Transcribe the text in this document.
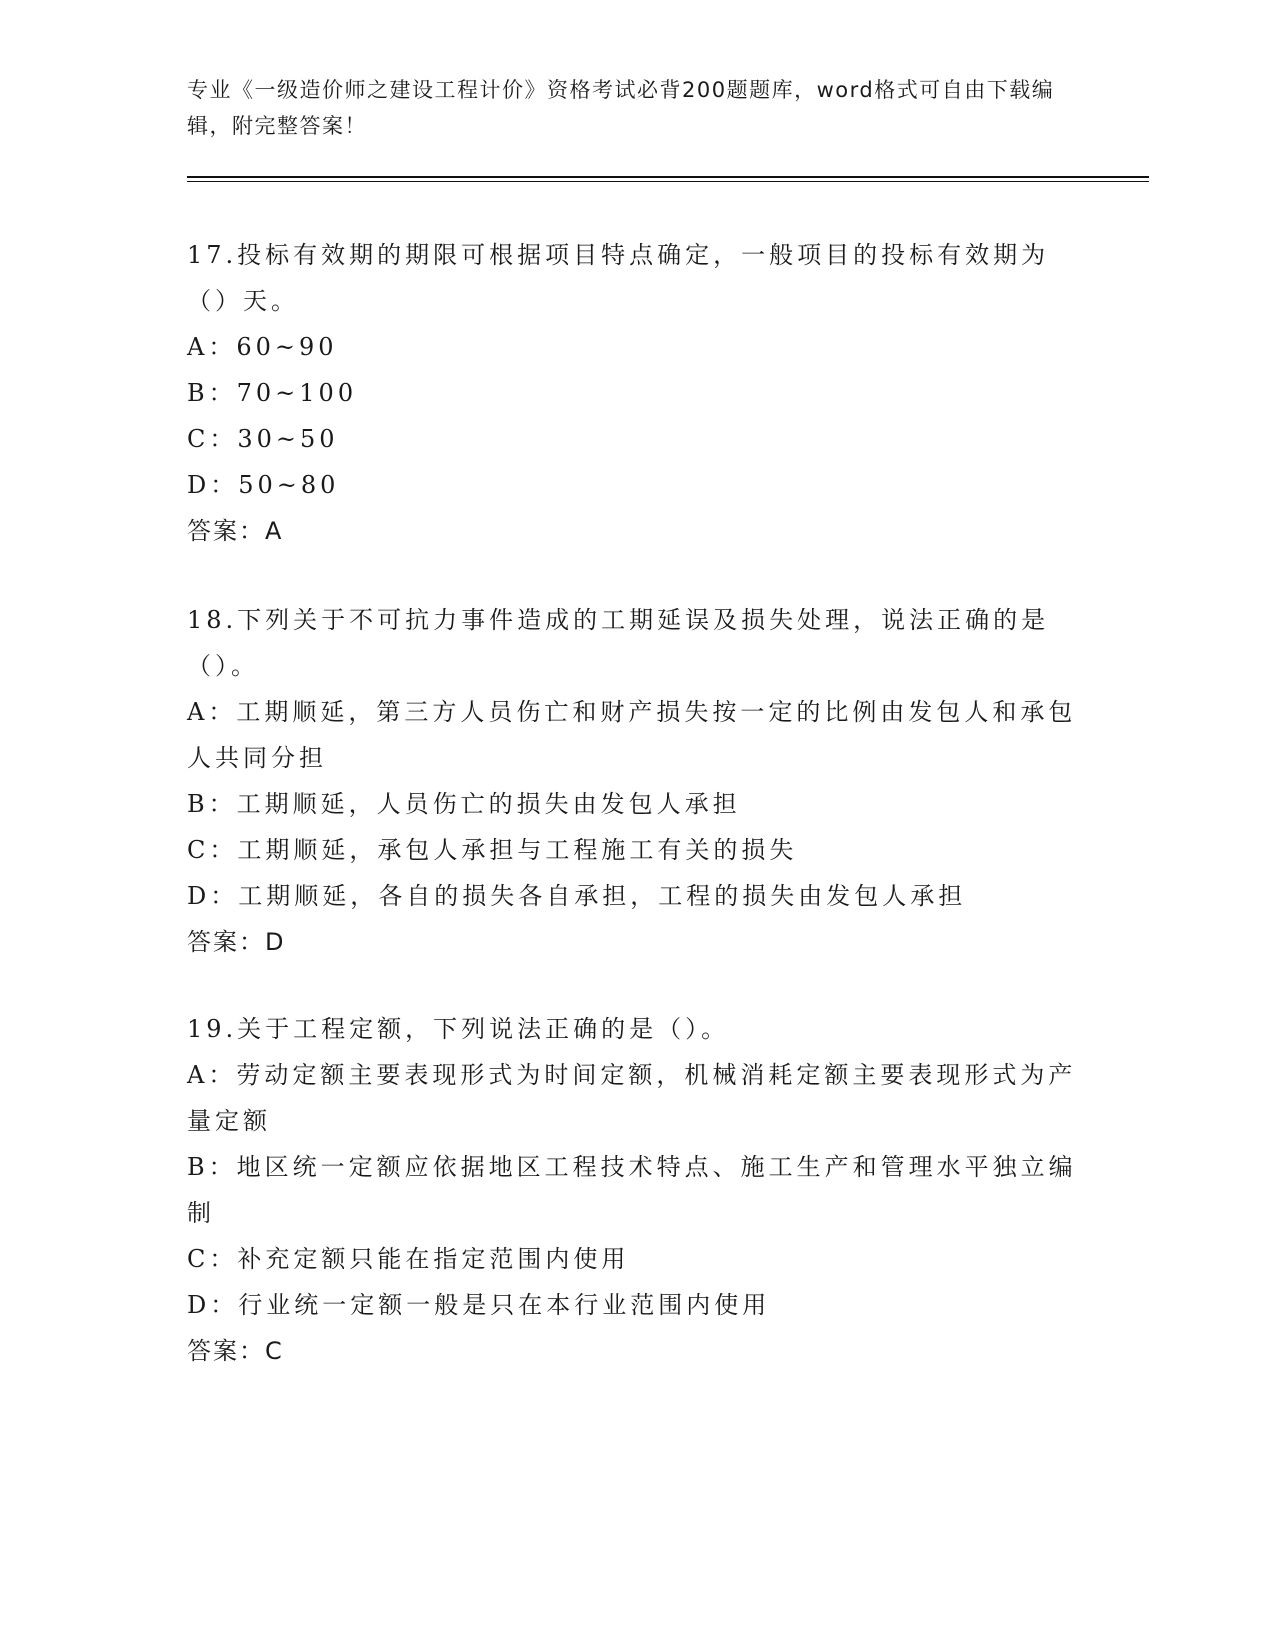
专业《一级造价师之建设工程计价》资格考试必背200题题库，word格式可自由下载编辑，附完整答案！

17.投标有效期的期限可根据项目特点确定，一般项目的投标有效期为（）天。

A：60~90

B：70~100

C：30~50

D：50~80

答案：A

18.下列关于不可抗力事件造成的工期延误及损失处理，说法正确的是（）。

A：工期顺延，第三方人员伤亡和财产损失按一定的比例由发包人和承包人共同分担

B：工期顺延，人员伤亡的损失由发包人承担

C：工期顺延，承包人承担与工程施工有关的损失

D：工期顺延，各自的损失各自承担，工程的损失由发包人承担

答案：D

19.关于工程定额，下列说法正确的是（）。

A：劳动定额主要表现形式为时间定额，机械消耗定额主要表现形式为产量定额

B：地区统一定额应依据地区工程技术特点、施工生产和管理水平独立编制

C：补充定额只能在指定范围内使用

D：行业统一定额一般是只在本行业范围内使用

答案：C
